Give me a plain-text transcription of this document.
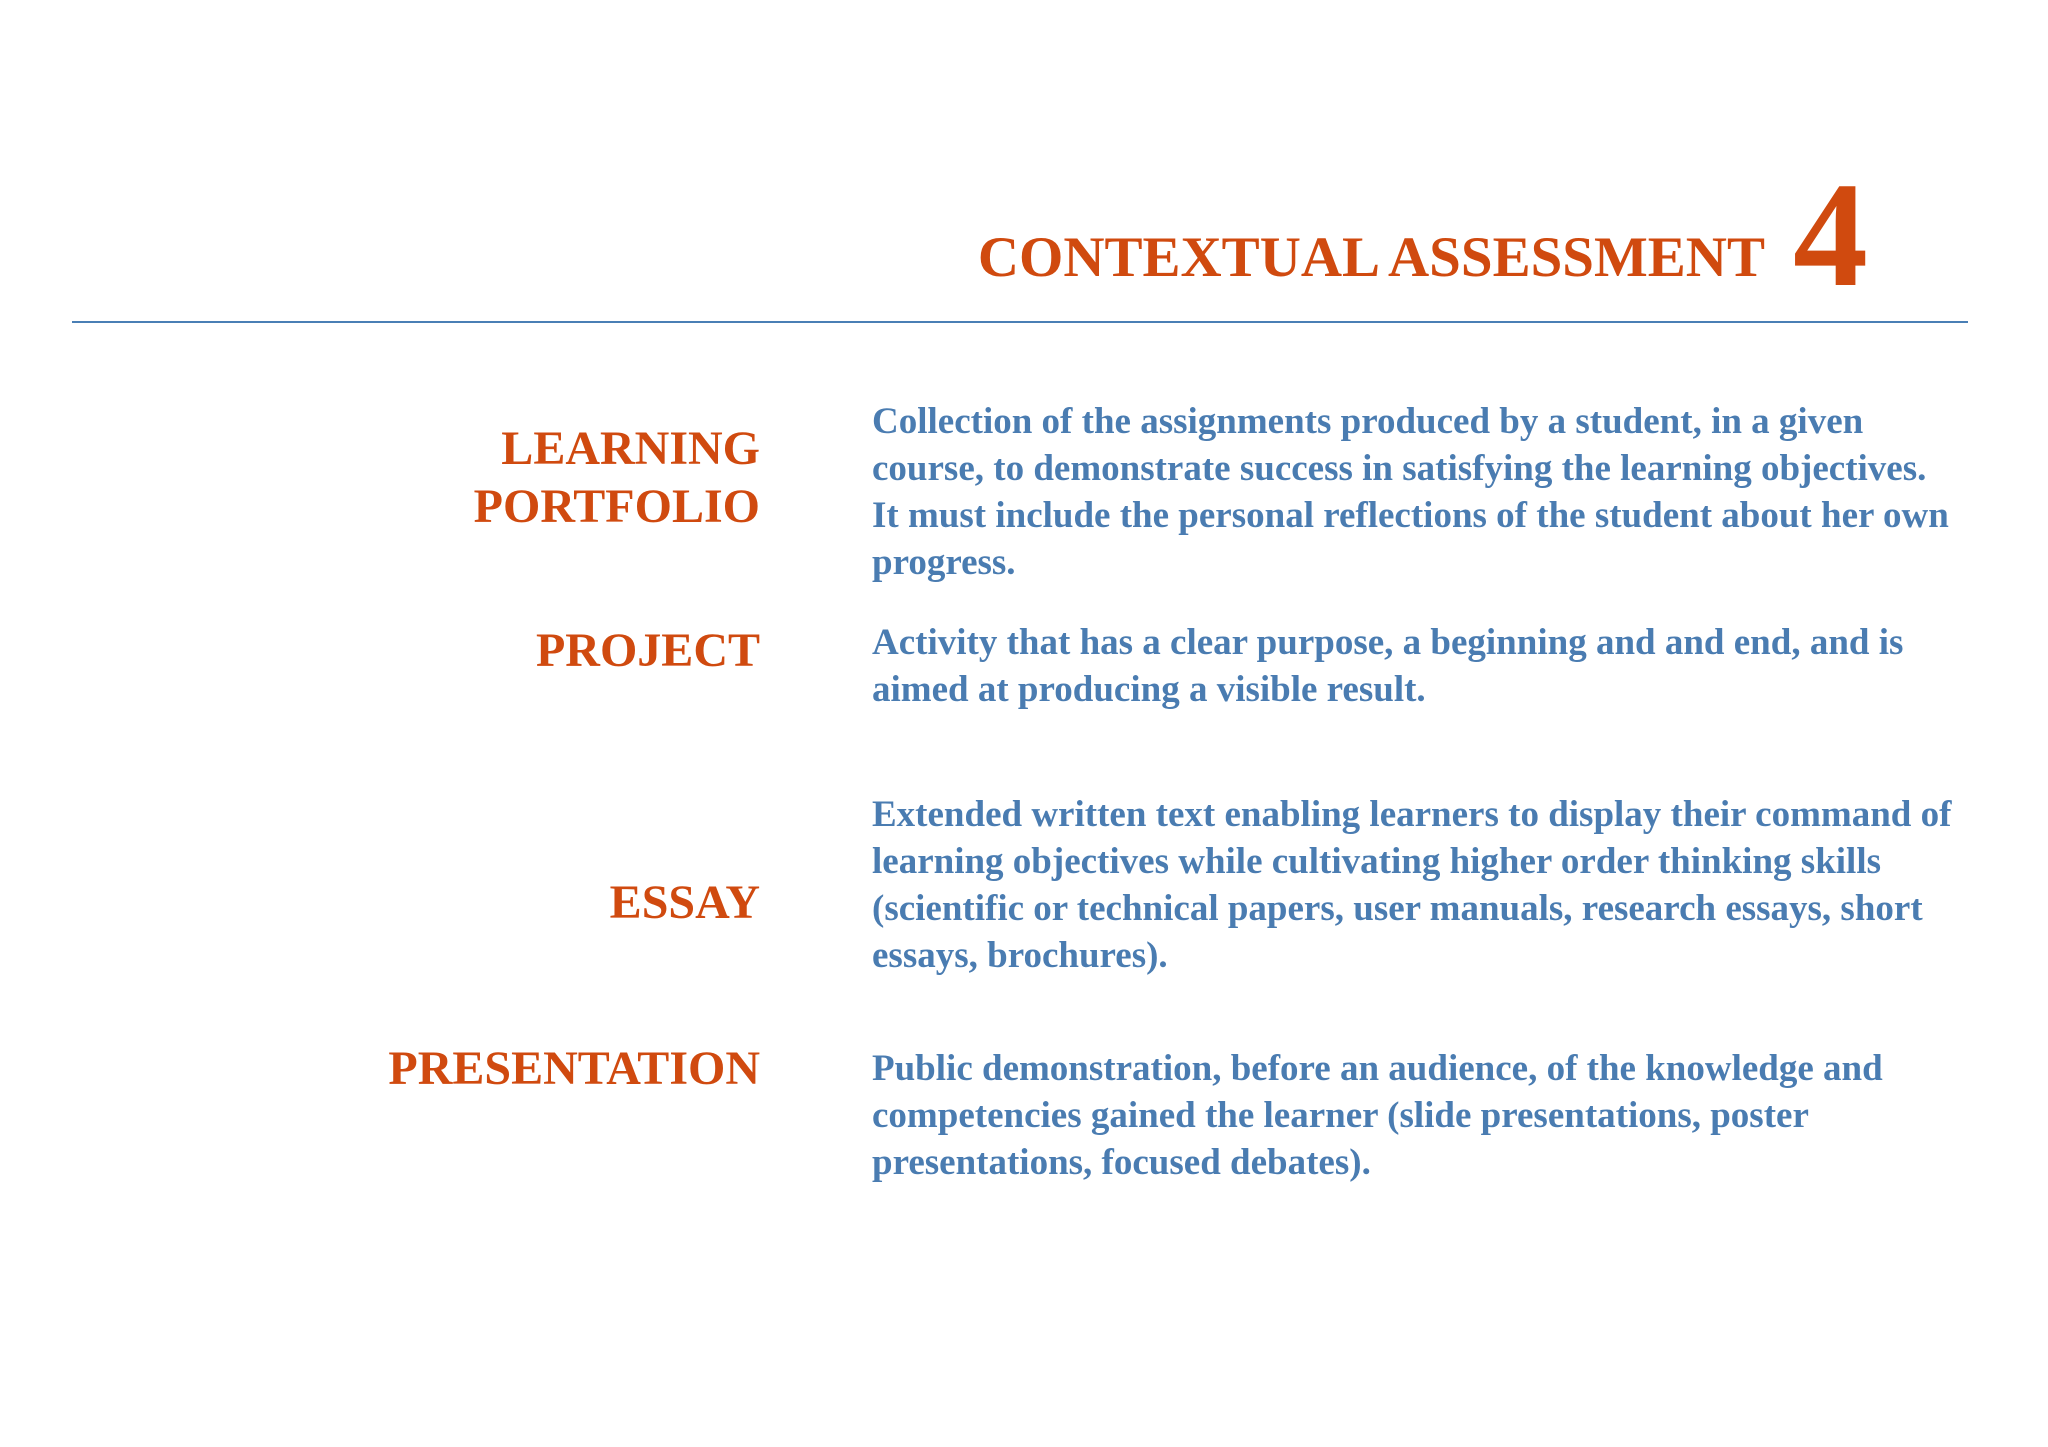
CONTEXTUAL ASSESSMENT 4
LEARNING
PORTFOLIO
Collection of the assignments produced by a student, in a given course, to demonstrate success in satisfying the learning objectives. It must include the personal reflections of the student about her own progress.
PROJECT	Activity that has a clear purpose, a beginning and and end, and is aimed at producing a visible result.
ESSAY
Extended written text enabling learners to display their command of learning objectives while cultivating higher order thinking skills (scientific or technical papers, user manuals, research essays, short essays, brochures).
PRESENTATION	Public demonstration, before an audience, of the knowledge and competencies gained the learner (slide presentations, poster presentations, focused debates).
